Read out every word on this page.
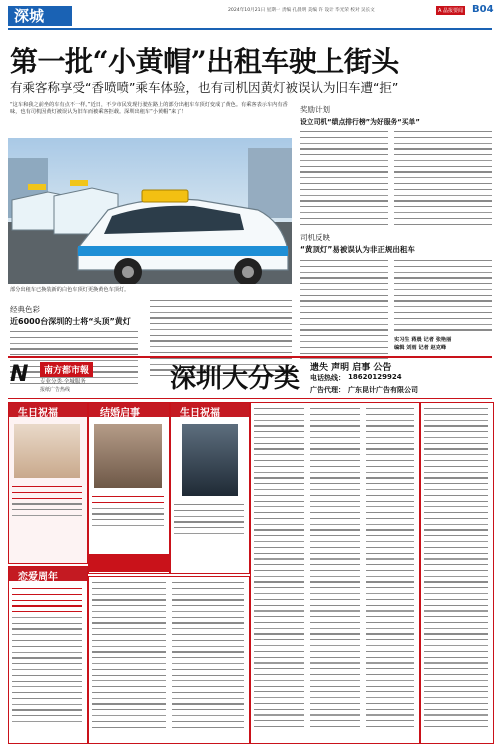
深城	2024年10月21日 星期一 责编 孔晨明 美编 许 设计 毕光荣 校对 吴长文	A 晶报要闻 B04
第一批“小黄帽”出租车驶上街头
有乘客称享受“香喷喷”乘车体验，也有司机因黄灯被误认为旧车遭“拒”
“这车和我之前坐的车有点不一样。”近日，不少市民发现行驶在路上的部分出租车车顶灯变成了黄色。有乘客表示车内有香味，也有司机因黄灯被误认为旧车而被乘客拒载。深圳出租车“小黄帽”来了！
部分出租车已换装新的白色车顶灯更换黄色车顶灯。
经典色彩
近6000台深圳的士将“头顶”黄灯
奖励计划
设立司机“绩点排行榜”为好服务“买单”
司机反映
“黄顶灯”易被误认为非正规出租车
实习生 蒋晨 记者 张艳丽
编辑 刘雨 记者 赵克峰
N	南方都市報
专业分类·全城服务
报纸广告热线	深圳大分类 遗失 声明 启事 公告
电话热线： 18620129924
广告代理： 广东昆计广告有限公司
生日祝福	结婚启事	生日祝福
恋爱周年
